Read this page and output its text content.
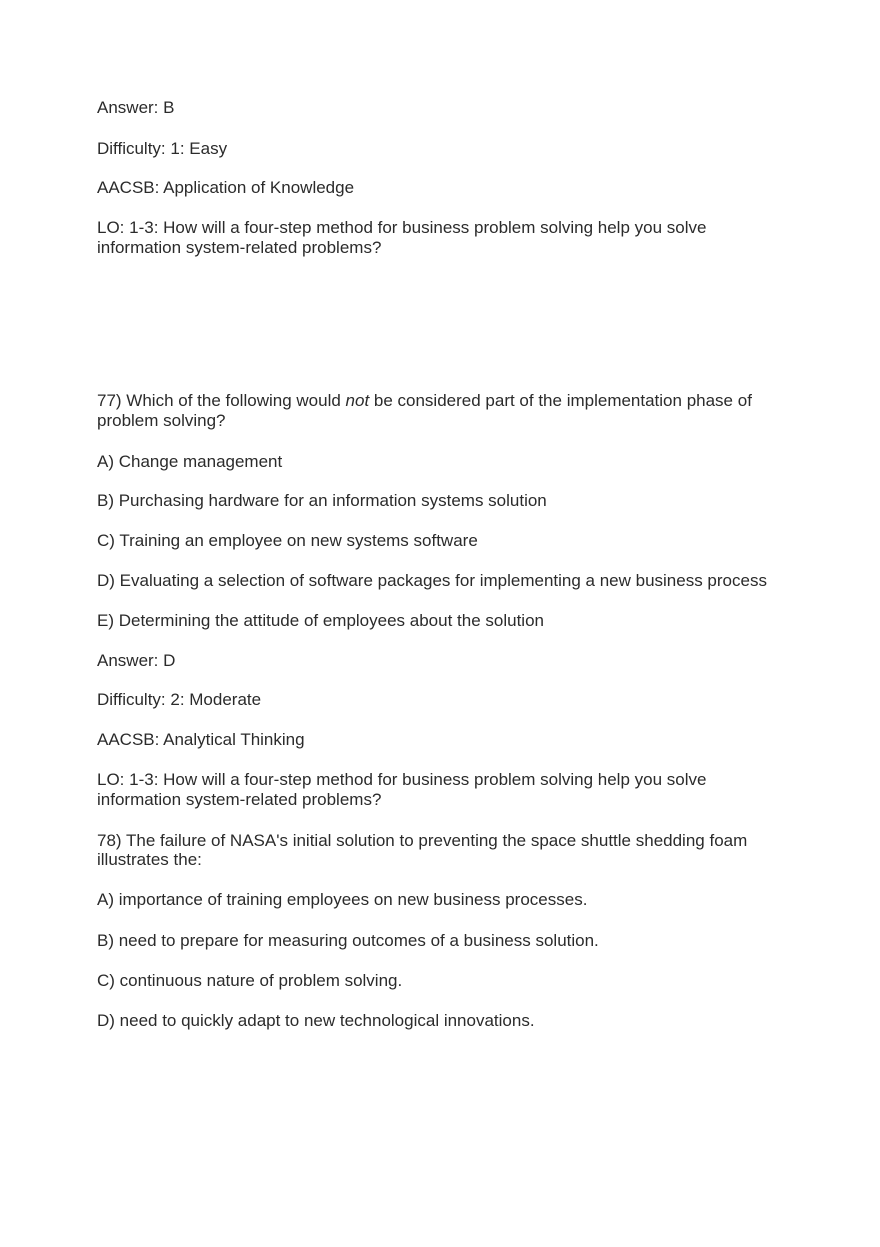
Answer: B

Difficulty: 1: Easy

AACSB: Application of Knowledge

LO: 1-3: How will a four-step method for business problem solving help you solve

information system-related problems?

77) Which of the following would not be considered part of the implementation phase of

problem solving?

A) Change management

B) Purchasing hardware for an information systems solution

C) Training an employee on new systems software

D) Evaluating a selection of software packages for implementing a new business process

E) Determining the attitude of employees about the solution

Answer: D

Difficulty: 2: Moderate

AACSB: Analytical Thinking

LO: 1-3: How will a four-step method for business problem solving help you solve

information system-related problems?

78) The failure of NASA's initial solution to preventing the space shuttle shedding foam

illustrates the:

A) importance of training employees on new business processes.

B) need to prepare for measuring outcomes of a business solution.

C) continuous nature of problem solving.

D) need to quickly adapt to new technological innovations.
